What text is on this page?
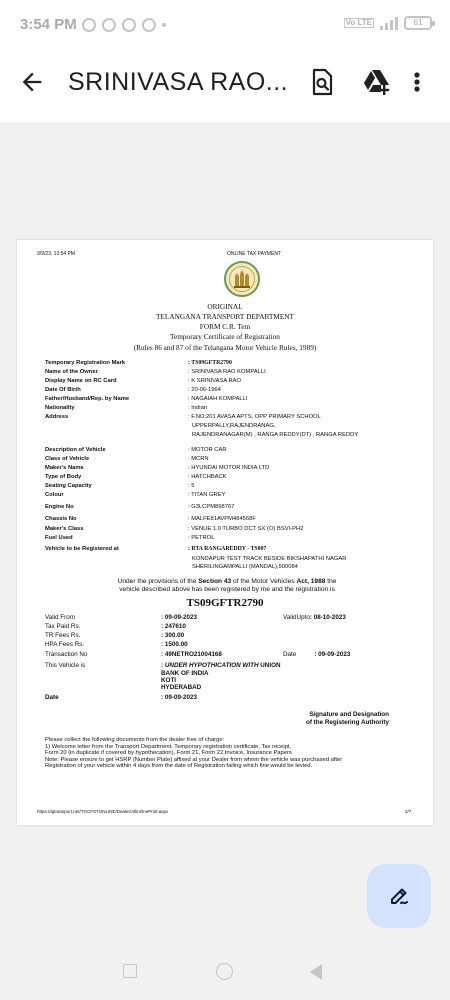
3:54 PM	Vo LTE	61
SRINIVASA RAO...
9/9/23, 12:54 PM	ONLINE TAX PAYMENT
ORIGINAL
TELANGANA TRANSPORT DEPARTMENT
FORM C.R. Tem
Temporary Certificate of Registration
(Rules 86 and 87 of the Telangana Motor Vehicle Rules, 1989)
Temporary Registration Mark	: TS09GFTR2790
Name of the Owner	: SRINIVASA RAO KOMPALLI
Display Name on RC Card	: K SRINIVASA RAO
Date Of Birth	: 20-06-1964
Father/Husband/Rep. by Name	: NAGAIAH KOMPALLI
Nationality	: Indian
Address	: F.NO:201 AVASA APTS, OPP PRIMARY SCHOOL
UPPERPALLY,RAJENDRANAG,
RAJENDRANAGAR(M) , RANGA REDDY(DT) , RANGA REDDY
Description of Vehicle	: MOTOR CAR
Class of Vehicle	: MCRN
Maker's Name	: HYUNDAI MOTOR INDIA LTD
Type of Body	: HATCHBACK
Seating Capacity	: 5
Colour	: TITAN GREY
Engine No	: G3LCPM898767
Chassis No	: MALFE81AVPM484568F
Maker's Class	: VENUE 1.0 TURBO DCT SX (O) BSVI-PH2
Fuel Used	: PETROL
Vehicle to be Registered at	: RTA RANGAREDDY - TS007
KONDAPUR TEST TRACK BESIDE BIKSHAPATHI NAGAR
SHERILINGAMPALLI (MANDAL),500084
Under the provisions of the Section 43 of the Motor Vehicles Act, 1988 the
vehicle described above has been registered by me and the registration is
TS09GFTR2790
Valid From	: 09-09-2023	ValidUpto: 08-10-2023
Tax Paid Rs.	: 247610
TR Fees Rs.	: 300.00
HPA Fees Rs.	: 1500.00
Transaction No	: 49NETRO21004168	Date	: 09-09-2023
This Vehicle is	: UNDER HYPOTHICATION WITH UNION
BANK OF INDIA
KOTI
HYDERABAD
Date	: 09-09-2023
Signature and Designation
of the Registering Authority
Please collect the following documents from the dealer free of charge:
1) Welcome letter from the Transport Department, Temporary registration certificate, Tax receipt,
Form 20 (in duplicate if covered by hypothecation), Form 21, Form 22,Invoice, Insurance Papers
Note: Please ensure to get HSRP (Number Plate) affixed at your Dealer from whom the vehicle was purchased after
Registration of your vehicle within 4 days from the date of Registration failing which fine would be levied.
https://tgtransport.net/TGCFSTONLINE/Dealer/AllinOnePrint.aspx	2/7
